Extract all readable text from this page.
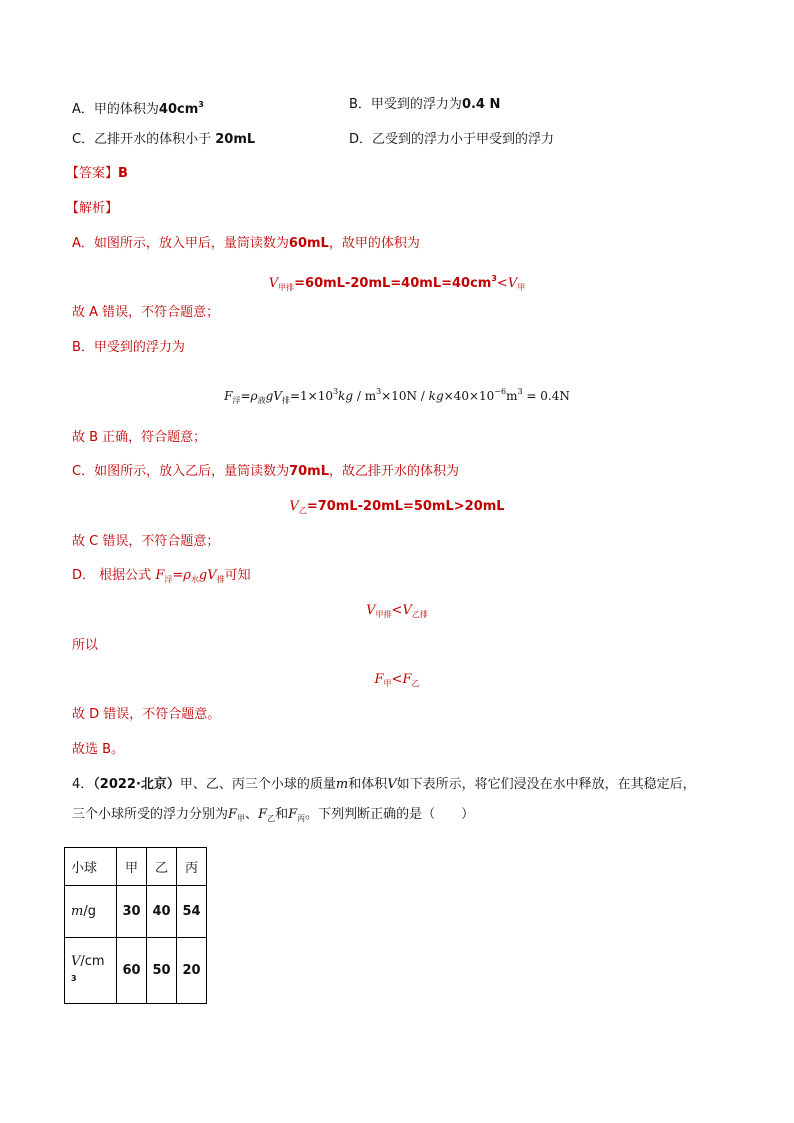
A．甲的体积为$40cm^3$	B．甲受到的浮力为0.4 N
C．乙排开水的体积小于 20mL	D．乙受到的浮力小于甲受到的浮力
【答案】B
【解析】
A．如图所示，放入甲后，量筒读数为60mL，故甲的体积为
$V_{甲排}=60mL-20mL=40mL=40cm^3<V_甲$
故 A 错误，不符合题意；
B．甲受到的浮力为
$F_浮=\rho_液gV_排=1\times 10^3kg / m^3\times 10N / kg\times 40\times 10^{-6}m^3 = 0.4N$
故 B 正确，符合题意；
C．如图所示，放入乙后，量筒读数为70mL，故乙排开水的体积为
$V_乙=70mL-20mL=50mL>20mL$
故 C 错误，不符合题意；
D． 根据公式 $F_浮=\rho_水gV_排$可知
$V_{甲排}<V_{乙排}$
所以
$F_甲<F_乙$
故 D 错误，不符合题意。
故选 B。
4．（2022·北京）甲、乙、丙三个小球的质量m和体积V如下表所示，将它们浸没在水中释放，在其稳定后，
三个小球所受的浮力分别为$F_甲$、$F_乙$和$F_丙$。下列判断正确的是（　　）
小球	甲	乙	丙
m/g	30	40	54
V/cm
3	60	50	20
